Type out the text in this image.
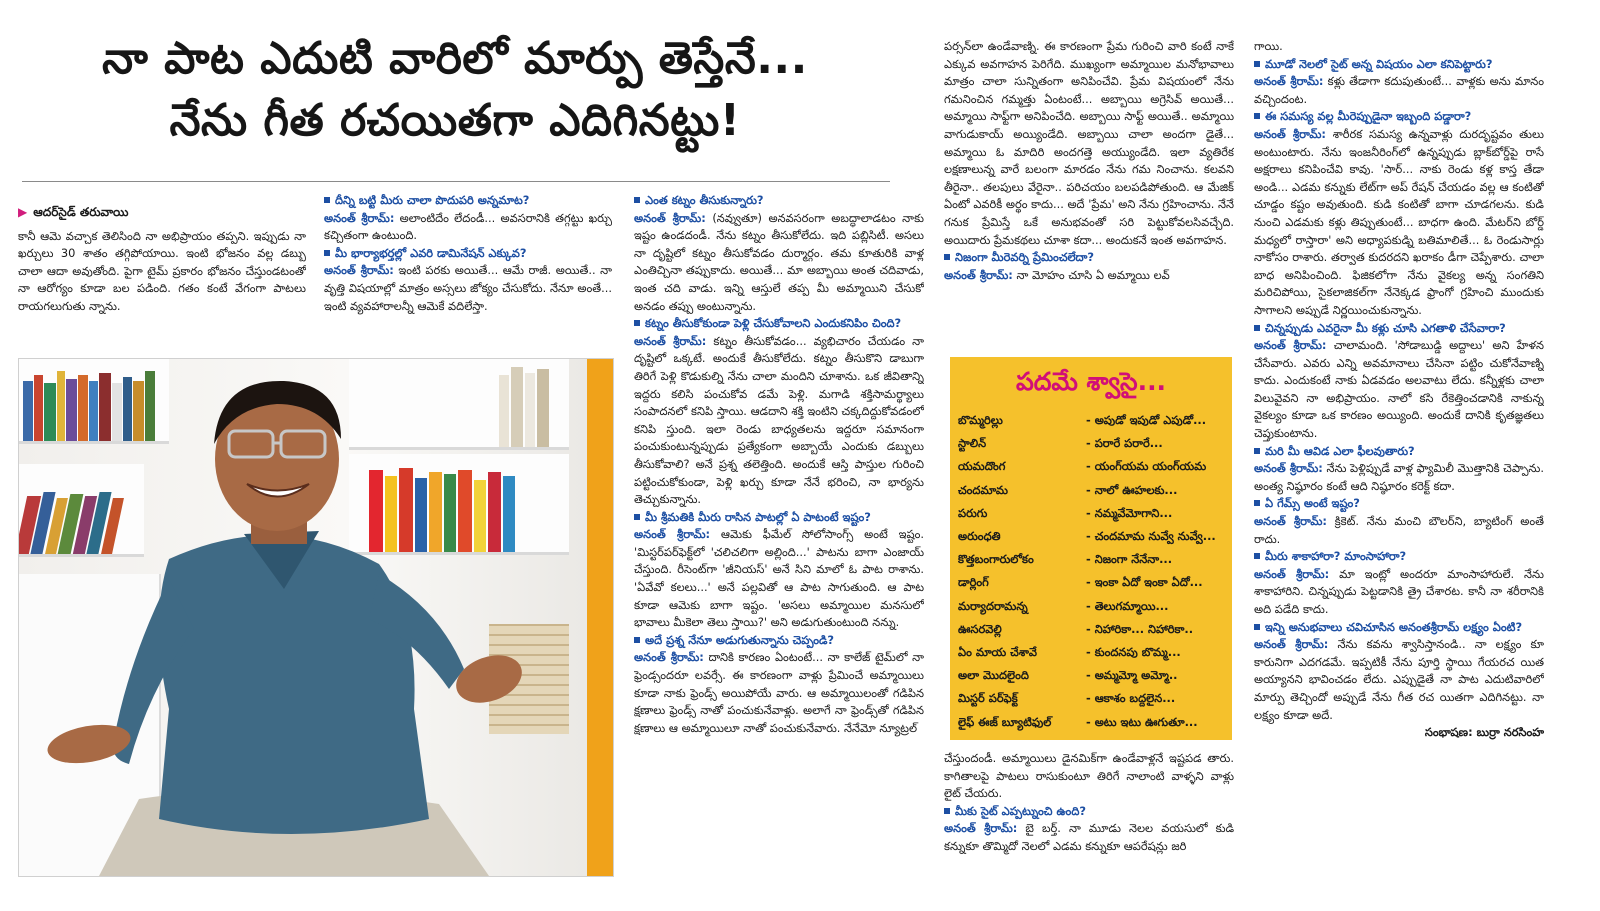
నా పాట ఎదుటి వారిలో మార్పు తెస్తేనే...
నేను గీత రచయితగా ఎదిగినట్టు!
▶ ఆదర్‌సైడ్ తరువాయి

కానీ ఆమె వచ్చాక తెలిసింది నా అభిప్రాయం తప్పని. ఇప్పుడు నా ఖర్చులు 30 శాతం తగ్గిపోయాయి. ఇంటి భోజనం వల్ల డబ్బు చాలా ఆదా అవుతోంది. పైగా టైమ్ ప్రకారం భోజనం చేస్తుండటంతో నా ఆరోగ్యం కూడా బల పడింది. గతం కంటే వేగంగా పాటలు రాయగలుగుతు న్నాను.

దీన్ని బట్టి మీరు చాలా పొదుపరి అన్నమాట?

అనంత్ శ్రీరామ్: అలాంటిదేం లేదండీ... అవసరానికి తగ్గట్టు ఖర్చు కచ్చితంగా ఉంటుంది.

మీ భార్యాభర్తల్లో ఎవరి డామినేషన్ ఎక్కువ?

అనంత్ శ్రీరామ్: ఇంటి పరకు అయితే... ఆమే రాజీ. అయితే.. నా వృత్తి విషయాల్లో మాత్రం అస్సలు జోక్యం చేసుకోదు. నేనూ అంతే... ఇంటి వ్యవహారాలన్నీ ఆమెకే వదిలేస్తా.

ఎంత కట్నం తీసుకున్నారు?

అనంత్ శ్రీరామ్: (నవ్వుతూ) అనవసరంగా అబద్ధాలాడటం నాకు ఇష్టం ఉండదండీ. నేను కట్నం తీసుకోలేదు. ఇది పబ్లిసిటీ. అసలు నా దృష్టిలో కట్నం తీసుకోవడం దుర్మార్గం. తమ కూతురికి వాళ్ల ఎంతిచ్చినా తప్పుకాదు. అయితే... మా అబ్బాయి అంత చదివాడు, ఇంత చది వాడు. ఇన్ని ఆస్తులే తప్ప మీ అమ్మాయిని చేసుకో అనడం తప్పు అంటున్నాను.

కట్నం తీసుకోకుండా పెళ్లి చేసుకోవాలని ఎందుకనిపిం చింది?

అనంత్ శ్రీరామ్: కట్నం తీసుకోవడం... వ్యభిచారం చేయడం నా దృష్టిలో ఒక్కటే. అందుకే తీసుకోలేదు. కట్నం తీసుకొని డాబుగా తిరిగే పెళ్లి కొడుకుల్ని నేను చాలా మందిని చూశాను. ఒక జీవితాన్ని ఇద్దరు కలిసి పంచుకోవ డమే పెళ్లి. మగాడి శక్తిసామర్థ్యాలు సంపాదనలో కనిపి స్తాయి. ఆడదాని శక్తి ఇంటిని చక్కదిద్దుకోవడంలో కనిపి స్తుంది. ఇలా రెండు బాధ్యతలను ఇద్దరూ సమానంగా పంచుకుంటున్నప్పుడు ప్రత్యేకంగా అబ్బాయే ఎందుకు డబ్బులు తీసుకోవాలి? అనే ప్రశ్న తలెత్తింది. అందుకే ఆస్తి పాస్తుల గురించి పట్టించుకోకుండా, పెళ్లి ఖర్చు కూడా నేనే భరించి, నా భార్యను తెచ్చుకున్నాను.

మీ శ్రీమతికి మీరు రాసిన పాటల్లో ఏ పాటంటే ఇష్టం?

అనంత్ శ్రీరామ్: ఆమెకు ఫీమేల్ సోలోసాంగ్స్ అంటే ఇష్టం. 'మిస్టర్‌పర్‌ఫెక్ట్‌లో 'చలిచలిగా అల్లింది...' పాటను బాగా ఎంజాయ్ చేస్తుంది. రీసెంట్‌గా 'జీనియస్' అనే సిని మాలో ఓ పాట రాశాను. 'ఏవేవో కలలు...' అనే పల్లవితో ఆ పాట సాగుతుంది. ఆ పాట కూడా ఆమెకు బాగా ఇష్టం. 'అసలు అమ్మాయిల మనసులో భావాలు మీకెలా తెలు స్తాయి?' అని అడుగుతుంటుంది నన్ను.

అదే ప్రశ్న నేనూ అడుగుతున్నాను చెప్పండి?

అనంత్ శ్రీరామ్: దానికి కారణం ఏంటంటే... నా కాలేజ్ టైమ్‌లో నా ఫ్రెండ్సందరూ లవర్సే. ఈ కారణంగా వాళ్లు ప్రేమించే అమ్మాయిలు కూడా నాకు ఫ్రెండ్స్ అయిపోయే వారు. ఆ అమ్మాయిలంతో గడిపిన క్షణాలు ఫ్రెండ్స్ నాతో పంచుకునేవాళ్లు. అలాగే నా ఫ్రెండ్స్‌తో గడిపిన క్షణాలు ఆ అమ్మాయిలూ నాతో పంచుకునేవారు. నేనేమో న్యూట్రల్

పర్సన్‌లా ఉండేవాణ్ని. ఈ కారణంగా ప్రేమ గురించి వారి కంటే నాకే ఎక్కువ అవగాహన పెరిగేది. ముఖ్యంగా అమ్మాయిల మనోభావాలు మాత్రం చాలా సున్నితంగా అనిపించేవి. ప్రేమ విషయంలో నేను గమనించిన గమ్మత్తు ఏంటంటే... అబ్బాయి అగ్రెసివ్ అయితే... అమ్మాయి సాఫ్ట్‌గా అనిపించేది. అబ్బాయి సాఫ్ట్ అయితే.. అమ్మాయి వాగుడుకాయ్ అయ్యిండేది. అబ్బాయి చాలా అందగా డైతే... అమ్మాయి ఓ మాదిరి అందగత్తె అయ్యుండేది. ఇలా వ్యతిరేక లక్షణాలున్న వారే బలంగా మారడం నేను గమ నించాను. కలవని తీరైనా.. తలపులు వేరైనా.. పరిచయం బలపడిపోతుంది. ఆ మేజిక్ ఏంటో ఎవరికీ అర్థం కాదు... అదే 'ప్రేమ' అని నేను గ్రహించాను. నేనే గనుక ప్రేమిస్తే ఒకే అనుభవంతో సరి పెట్టుకోవలసివచ్చేది. అయిదారు ప్రేమకథలు చూశా కదా... అందుకనే ఇంత అవగాహన.

నిజంగా మీరెవర్ని ప్రేమించలేదా?

అనంత్ శ్రీరామ్: నా మోహం చూసి ఏ అమ్మాయి లవ్

పదమే శ్వాసై...
బొమ్మరిల్లు	- అపుడో ఇపుడో ఎపుడో...
స్టాలిన్	- పరారే పరారే...
యమదొంగ	- యంగ్‌యమ యంగ్‌యమ
చందమామ	- నాలో ఊహలకు...
పరుగు	- నమ్మవేమోగాని...
అరుంధతి	- చందమామ నువ్వే నువ్వే...
కొత్తబంగారులోకం	- నిజంగా నేనేనా...
డార్లింగ్	- ఇంకా ఏదో ఇంకా ఏదో...
మర్యాదరామన్న	- తెలుగమ్మాయి...
ఊసరవెల్లి	- నిహారికా... నిహారికా..
ఏం మాయ చేశావే	- కుందనపు బొమ్మ...
అలా మొదలైంది	- అమ్మమ్మో అమ్మో..
మిస్టర్ పర్‌ఫెక్ట్	- ఆకాశం బద్దలైన...
లైఫ్ ఈజ్ బ్యూటిఫుల్	- అటు ఇటు ఊగుతూ...

చేస్తుందండీ. అమ్మాయిలు డైనమిక్‌గా ఉండేవాళ్లనే ఇష్టపడ తారు. కాగితాలపై పాటలు రాసుకుంటూ తిరిగే నాలాంటి వాళ్ళని వాళ్లు లైట్ చేయరు.

మీకు సైట్ ఎప్పట్నుంచి ఉంది?

అనంత్ శ్రీరామ్: బై బర్త్. నా మూడు నెలల వయసులో కుడి కన్నుకూ తొమ్మిదో నెలలో ఎడమ కన్నుకూ ఆపరేషన్లు జరి

గాయి.

మూడో నెలలో సైట్ అన్న విషయం ఎలా కనిపెట్టారు?

అనంత్ శ్రీరామ్: కళ్లు తేడాగా కదుపుతుంటే... వాళ్లకు అను మానం వచ్చిందంట.

ఈ సమస్య వల్ల మీరెప్పుడైనా ఇబ్బంది పడ్డారా?

అనంత్ శ్రీరామ్: శారీరక సమస్య ఉన్నవాళ్లు దురదృష్టవం తులు అంటుంటారు. నేను ఇంజనీరింగ్‌లో ఉన్నప్పుడు బ్లాక్‌బోర్డ్‌పై రాసే అక్షరాలు కనిపించేవి కావు. 'సార్... నాకు రెండు కళ్ల కాస్త తేడా అండి... ఎడమ కన్నుకు లేట్‌గా అప్ రేషన్ చేయడం వల్ల ఆ కంటితో చూడ్డం కష్టం అవుతుంది. కుడి కంటితో బాగా చూడగలను. కుడి నుంచి ఎడమకు కళ్లు తిప్పుతుంటే... బాధగా ఉంది. మేటర్‌ని బోర్డ్ మధ్యలో రాస్తారా' అని అధ్యాపకుడ్ని బతిమాలితే... ఓ రెండుసార్లు నాకోసం రాశారు. తర్వాత కుదరదని ఖరాకం డీగా చెప్పేశారు. చాలా బాధ అనిపించింది. ఫిజికలోగా నేను వైకల్య అన్న సంగతిని మరిచిపోయి, సైకలాజికల్‌గా నేనెక్కడ ఫ్రాంగో గ్రహించి ముందుకు సాగాలని అప్పుడే నిర్ణయించుకున్నాను.

చిన్నప్పుడు ఎవరైనా మీ కళ్లు చూసి ఎగతాళి చేసేవారా?

అనంత్ శ్రీరామ్: చాలామంది. 'సోడాబుడ్డి అద్దాలు' అని హేళన చేసేవారు. ఎవరు ఎన్ని అవమానాలు చేసినా పట్టిం చుకోనేవాణ్ని కాదు. ఎందుకంటే నాకు ఏడవడం అలవాటు లేదు. కన్నీళ్లకు చాలా విలువైవని నా అభిప్రాయం. నాలో కసి రేకెత్తించడానికి నాకున్న వైకల్యం కూడా ఒక కారణం అయ్యింది. అందుకే దానికి కృతజ్ఞతలు చెప్తుకుంటాను.

మరి మీ ఆవిడ ఎలా ఫీలవుతారు?

అనంత్ శ్రీరామ్: నేను పెళ్లిప్పుడే వాళ్ల ఫ్యామిలీ మొత్తానికి చెప్పాను. అంత్య నిష్ఠూరం కంటే ఆది నిష్ఠూరం కరెక్ట్ కదా.

ఏ గేమ్స్ అంటే ఇష్టం?

అనంత్ శ్రీరామ్: క్రికెట్. నేను మంచి బౌలర్‌ని, బ్యాటింగ్ అంతే రాదు.

మీరు శాకాహారా? మాంసాహారా?

అనంత్ శ్రీరామ్: మా ఇంట్లో అందరూ మాంసాహారులే. నేను శాకాహారిని. చిన్నప్పుడు పెట్టడానికి త్రై చేశారట. కానీ నా శరీరానికి అది పడేది కాదు.

ఇన్ని అనుభవాలు చవిచూసిన అనంతశ్రీరామ్ లక్ష్యం ఏంటి?

అనంత్ శ్రీరామ్: నేను కవను శ్వాసిస్తానండి.. నా లక్ష్యం కూ కారునిగా ఎదగడమే. ఇప్పటికీ నేను పూర్తి స్థాయి గేయరచ యిత అయ్యానని భావించడం లేదు. ఎప్పుడైతే నా పాట ఎదుటివారిలో మార్పు తెచ్చిందో అప్పుడే నేను గీత రచ యితగా ఎదిగినట్టు. నా లక్ష్యం కూడా అదే.

సంభాషణ: బుర్రా నరసింహ
